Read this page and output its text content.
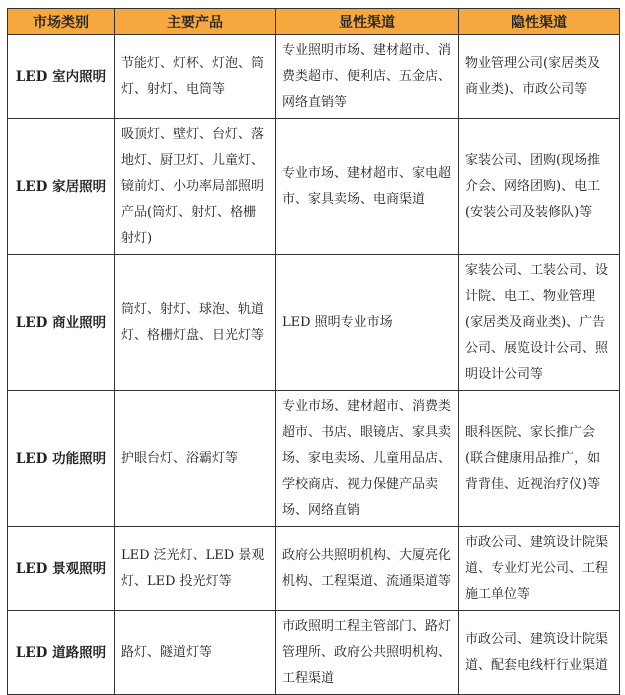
市场类别	主要产品	显性渠道	隐性渠道
LED 室内照明	节能灯、灯杯、灯泡、筒灯、射灯、电筒等	专业照明市场、建材超市、消费类超市、便利店、五金店、网络直销等	物业管理公司(家居类及商业类)、市政公司等
LED 家居照明	吸顶灯、壁灯、台灯、落地灯、厨卫灯、儿童灯、镜前灯、小功率局部照明产品(筒灯、射灯、格栅射灯)	专业市场、建材超市、家电超市、家具卖场、电商渠道	家装公司、团购(现场推介会、网络团购)、电工(安装公司及装修队)等
LED 商业照明	筒灯、射灯、球泡、轨道灯、格栅灯盘、日光灯等	LED 照明专业市场	家装公司、工装公司、设计院、电工、物业管理(家居类及商业类)、广告公司、展览设计公司、照明设计公司等
LED 功能照明	护眼台灯、浴霸灯等	专业市场、建材超市、消费类超市、书店、眼镜店、家具卖场、家电卖场、儿童用品店、学校商店、视力保健产品卖场、网络直销	眼科医院、家长推广会(联合健康用品推广，如背背佳、近视治疗仪)等
LED 景观照明	LED 泛光灯、LED 景观灯、LED 投光灯等	政府公共照明机构、大厦亮化机构、工程渠道、流通渠道等	市政公司、建筑设计院渠道、专业灯光公司、工程施工单位等
LED 道路照明	路灯、隧道灯等	市政照明工程主管部门、路灯管理所、政府公共照明机构、工程渠道	市政公司、建筑设计院渠道、配套电线杆行业渠道
